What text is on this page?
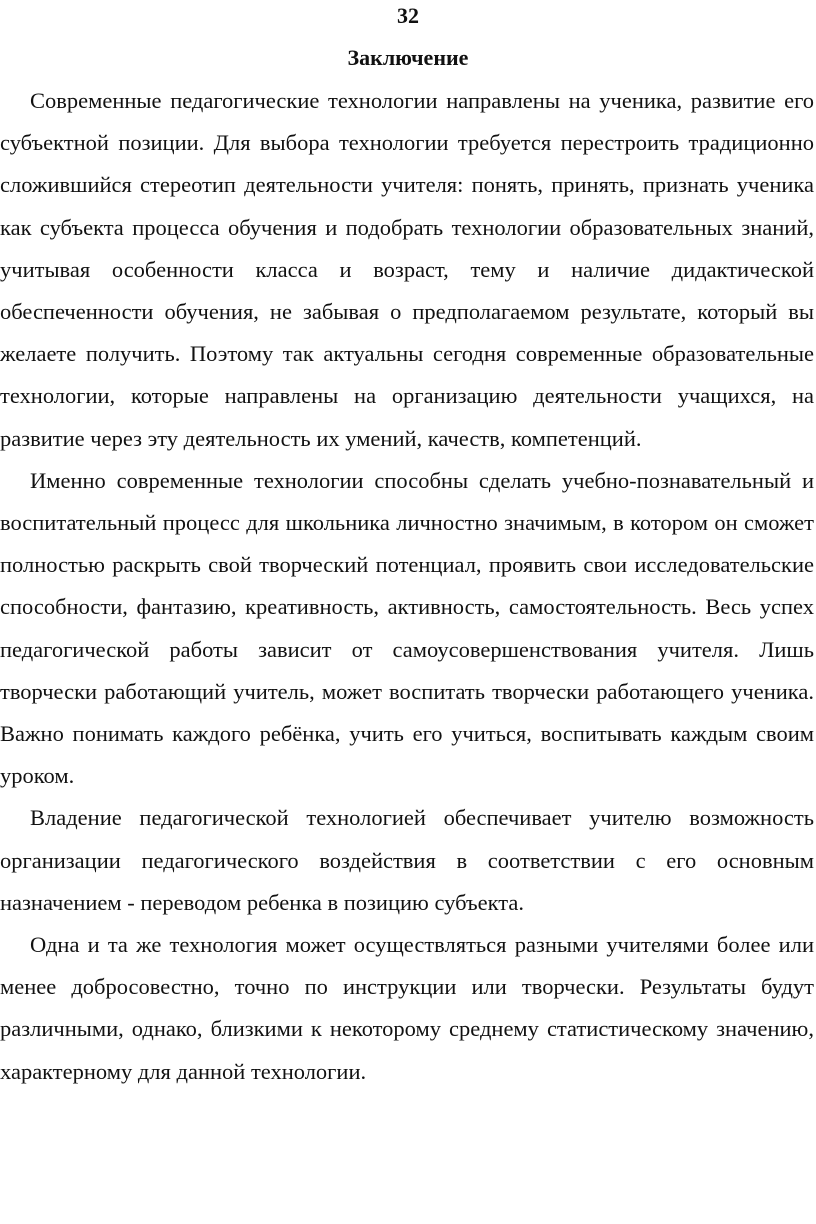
32
Заключение

Современные педагогические технологии направлены на ученика, развитие его субъектной позиции. Для выбора технологии требуется перестроить традиционно сложившийся стереотип деятельности учителя: понять, принять, признать ученика как субъекта процесса обучения и подобрать технологии образовательных знаний, учитывая особенности класса и возраст, тему и наличие дидактической обеспеченности обучения, не забывая о предполагаемом результате, который вы желаете получить. Поэтому так актуальны сегодня современные образовательные технологии, которые направлены на организацию деятельности учащихся, на развитие через эту деятельность их умений, качеств, компетенций.

Именно современные технологии способны сделать учебно-познавательный и воспитательный процесс для школьника личностно значимым, в котором он сможет полностью раскрыть свой творческий потенциал, проявить свои исследовательские способности, фантазию, креативность, активность, самостоятельность. Весь успех педагогической работы зависит от самоусовершенствования учителя. Лишь творчески работающий учитель, может воспитать творчески работающего ученика. Важно понимать каждого ребёнка, учить его учиться, воспитывать каждым своим уроком.

Владение педагогической технологией обеспечивает учителю возможность организации педагогического воздействия в соответствии с его основным назначением - переводом ребенка в позицию субъекта.

Одна и та же технология может осуществляться разными учителями более или менее добросовестно, точно по инструкции или творчески. Результаты будут различными, однако, близкими к некоторому среднему статистическому значению, характерному для данной технологии.
